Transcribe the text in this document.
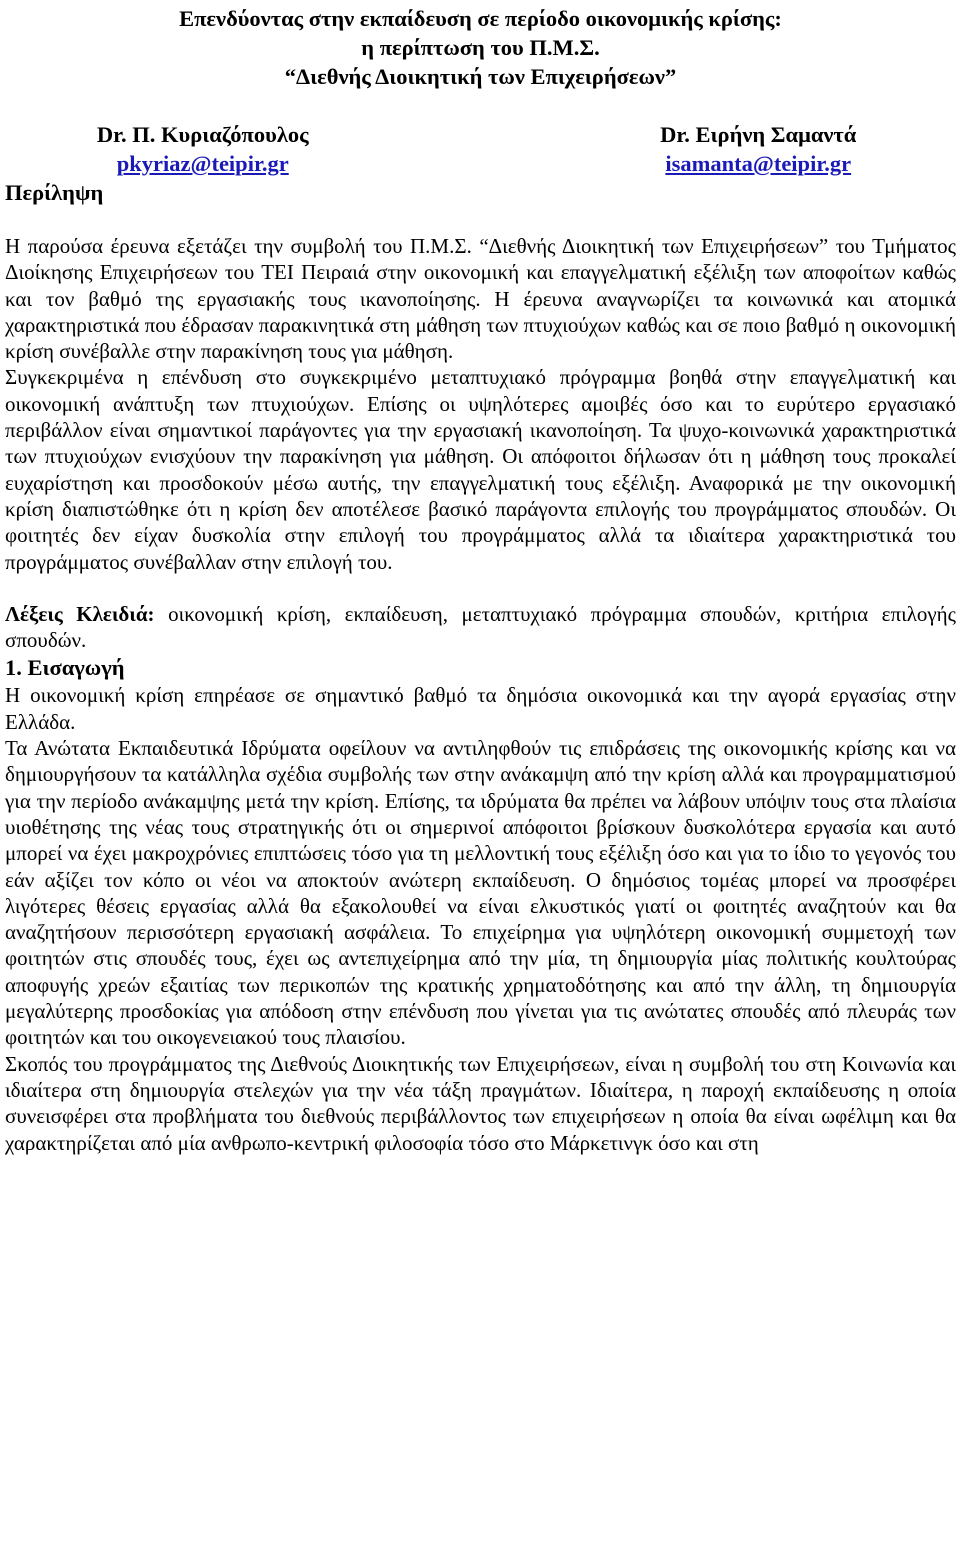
Επενδύοντας στην εκπαίδευση σε περίοδο οικονομικής κρίσης:
η περίπτωση του Π.Μ.Σ.
“Διεθνής Διοικητική των Επιχειρήσεων”
Dr. Π. Κυριαζόπουλος
pkyriaz@teipir.gr
Dr. Ειρήνη Σαμαντά
isamanta@teipir.gr
Περίληψη

Η παρούσα έρευνα εξετάζει την συμβολή του Π.Μ.Σ. “Διεθνής Διοικητική των Επιχειρήσεων” του Τμήματος Διοίκησης Επιχειρήσεων του ΤΕΙ Πειραιά στην οικονομική και επαγγελματική εξέλιξη των αποφοίτων καθώς και τον βαθμό της εργασιακής τους ικανοποίησης. Η έρευνα αναγνωρίζει τα κοινωνικά και ατομικά χαρακτηριστικά που έδρασαν παρακινητικά στη μάθηση των πτυχιούχων καθώς και σε ποιο βαθμό η οικονομική κρίση συνέβαλλε στην παρακίνηση τους για μάθηση.

Συγκεκριμένα η επένδυση στο συγκεκριμένο μεταπτυχιακό πρόγραμμα βοηθά στην επαγγελματική και οικονομική ανάπτυξη των πτυχιούχων. Επίσης οι υψηλότερες αμοιβές όσο και το ευρύτερο εργασιακό περιβάλλον είναι σημαντικοί παράγοντες για την εργασιακή ικανοποίηση. Τα ψυχο-κοινωνικά χαρακτηριστικά των πτυχιούχων ενισχύουν την παρακίνηση για μάθηση. Οι απόφοιτοι δήλωσαν ότι η μάθηση τους προκαλεί ευχαρίστηση και προσδοκούν μέσω αυτής, την επαγγελματική τους εξέλιξη. Αναφορικά με την οικονομική κρίση διαπιστώθηκε ότι η κρίση δεν αποτέλεσε βασικό παράγοντα επιλογής του προγράμματος σπουδών. Οι φοιτητές δεν είχαν δυσκολία στην επιλογή του προγράμματος αλλά τα ιδιαίτερα χαρακτηριστικά του προγράμματος συνέβαλλαν στην επιλογή του.

Λέξεις Κλειδιά: οικονομική κρίση, εκπαίδευση, μεταπτυχιακό πρόγραμμα σπουδών, κριτήρια επιλογής σπουδών.

1. Εισαγωγή

Η οικονομική κρίση επηρέασε σε σημαντικό βαθμό τα δημόσια οικονομικά και την αγορά εργασίας στην Ελλάδα.

Τα Ανώτατα Εκπαιδευτικά Ιδρύματα οφείλουν να αντιληφθούν τις επιδράσεις της οικονομικής κρίσης και να δημιουργήσουν τα κατάλληλα σχέδια συμβολής των στην ανάκαμψη από την κρίση αλλά και προγραμματισμού για την περίοδο ανάκαμψης μετά την κρίση. Επίσης, τα ιδρύματα θα πρέπει να λάβουν υπόψιν τους στα πλαίσια υιοθέτησης της νέας τους στρατηγικής ότι οι σημερινοί απόφοιτοι βρίσκουν δυσκολότερα εργασία και αυτό μπορεί να έχει μακροχρόνιες επιπτώσεις τόσο για τη μελλοντική τους εξέλιξη όσο και για το ίδιο το γεγονός του εάν αξίζει τον κόπο οι νέοι να αποκτούν ανώτερη εκπαίδευση. Ο δημόσιος τομέας μπορεί να προσφέρει λιγότερες θέσεις εργασίας αλλά θα εξακολουθεί να είναι ελκυστικός γιατί οι φοιτητές αναζητούν και θα αναζητήσουν περισσότερη εργασιακή ασφάλεια. Το επιχείρημα για υψηλότερη οικονομική συμμετοχή των φοιτητών στις σπουδές τους, έχει ως αντεπιχείρημα από την μία, τη δημιουργία μίας πολιτικής κουλτούρας αποφυγής χρεών εξαιτίας των περικοπών της κρατικής χρηματοδότησης και από την άλλη, τη δημιουργία μεγαλύτερης προσδοκίας για απόδοση στην επένδυση που γίνεται για τις ανώτατες σπουδές από πλευράς των φοιτητών και του οικογενειακού τους πλαισίου.

Σκοπός του προγράμματος της Διεθνούς Διοικητικής των Επιχειρήσεων, είναι η συμβολή του στη Κοινωνία και ιδιαίτερα στη δημιουργία στελεχών για την νέα τάξη πραγμάτων. Ιδιαίτερα, η παροχή εκπαίδευσης η οποία συνεισφέρει στα προβλήματα του διεθνούς περιβάλλοντος των επιχειρήσεων η οποία θα είναι ωφέλιμη και θα χαρακτηρίζεται από μία ανθρωπο-κεντρική φιλοσοφία τόσο στο Μάρκετινγκ όσο και στη
